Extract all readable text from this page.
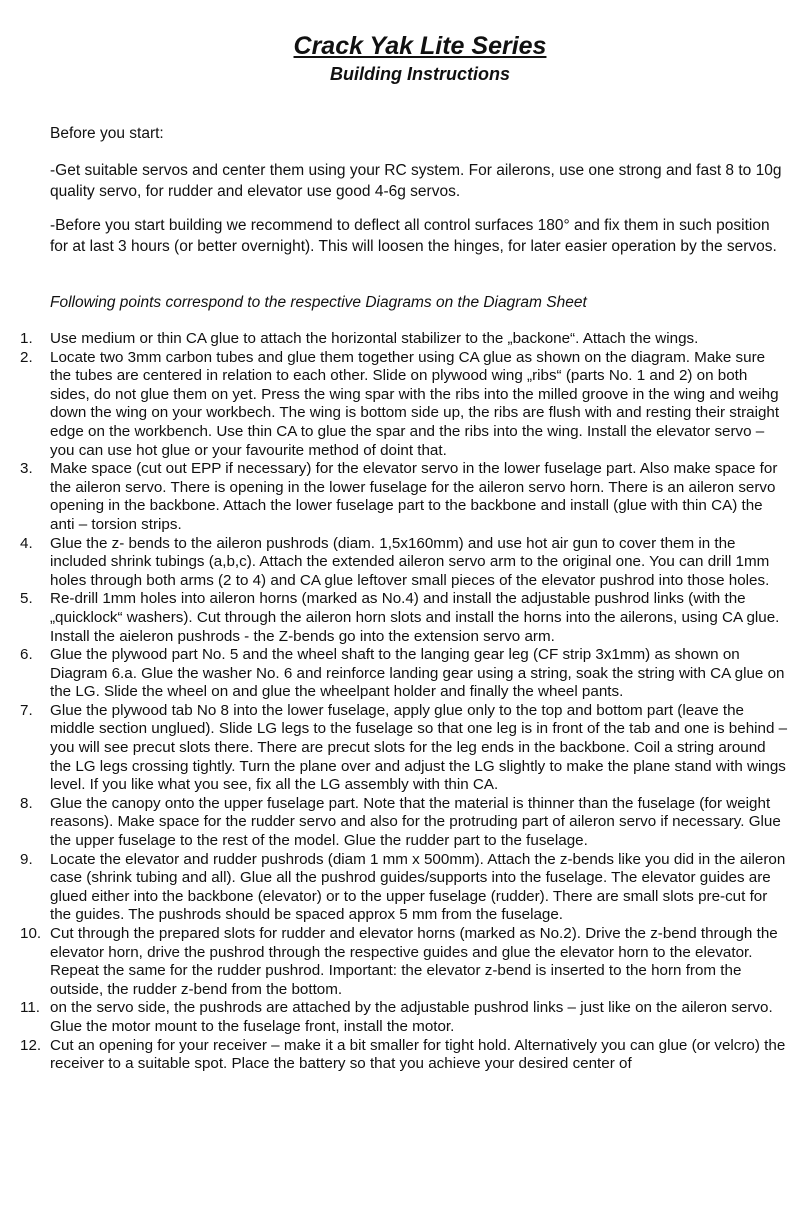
Crack Yak Lite Series
Building Instructions
Before you start:
-Get suitable servos and center them using your RC system. For ailerons, use one strong and fast 8 to 10g quality servo, for rudder and elevator use good 4-6g servos.
-Before you start building we recommend to deflect all control surfaces 180° and fix them in such position for at last 3 hours (or better overnight). This will loosen the hinges, for later easier operation by the servos.
Following points correspond to the respective Diagrams on the Diagram Sheet
1.	Use medium or thin CA glue to attach the horizontal stabilizer to the „backone“. Attach the wings.
2.	Locate two 3mm carbon tubes and glue them together using CA glue as shown on the diagram. Make sure the tubes are centered in relation to each other. Slide on plywood wing „ribs“ (parts No. 1 and 2) on both sides, do not glue them on yet. Press the wing spar with the ribs into the milled groove in the wing and weihg down the wing on your workbech. The wing is bottom side up, the ribs are flush with and resting their straight edge on the workbench. Use thin CA to glue the spar and the ribs into the wing. Install the elevator servo – you can use hot glue or your favourite method of doint that.
3.	Make space (cut out EPP if necessary) for the elevator servo in the lower fuselage part. Also make space for the aileron servo. There is opening in the lower fuselage for the aileron servo horn. There is an aileron servo opening in the backbone. Attach the lower fuselage part to the backbone and install (glue with thin CA) the anti – torsion strips.
4.	Glue the z- bends to the aileron pushrods (diam. 1,5x160mm) and use hot air gun to cover them in the included shrink tubings (a,b,c). Attach the extended aileron servo arm to the original one. You can drill 1mm holes through both arms (2 to 4) and CA glue leftover small pieces of the elevator pushrod into those holes.
5.	Re-drill 1mm holes into aileron horns (marked as No.4) and install the adjustable pushrod links (with the „quicklock“ washers). Cut through the aileron horn slots and install the horns into the ailerons, using CA glue. Install the aieleron pushrods - the Z-bends go into the extension servo arm.
6.	Glue the plywood part No. 5 and the wheel shaft to the langing gear leg (CF strip 3x1mm) as shown on Diagram 6.a. Glue the washer No. 6 and reinforce landing gear using a string, soak the string with CA glue on the LG. Slide the wheel on and glue the wheelpant holder and finally the wheel pants.
7.	Glue the plywood tab No 8 into the lower fuselage, apply glue only to the top and bottom part (leave the middle section unglued). Slide LG legs to the fuselage so that one leg is in front of the tab and one is behind – you will see precut slots there. There are precut slots for the leg ends in the backbone. Coil a string around the LG legs crossing tightly. Turn the plane over and adjust the LG slightly to make the plane stand with wings level. If you like what you see, fix all the LG assembly with thin CA.
8.	Glue the canopy onto the upper fuselage part. Note that the material is thinner than the fuselage (for weight reasons). Make space for the rudder servo and also for the protruding part of aileron servo if necessary. Glue the upper fuselage to the rest of the model. Glue the rudder part to the fuselage.
9.	Locate the elevator and rudder pushrods (diam 1 mm x 500mm). Attach the z-bends like you did in the aileron case (shrink tubing and all). Glue all the pushrod guides/supports into the fuselage. The elevator guides are glued either into the backbone (elevator) or to the upper fuselage (rudder). There are small slots pre-cut for the guides. The pushrods should be spaced approx 5 mm from the fuselage.
10. Cut through the prepared slots for rudder and elevator horns (marked as No.2). Drive the z-bend through the elevator horn, drive the pushrod through the respective guides and glue the elevator horn to the elevator. Repeat the same for the rudder pushrod. Important: the elevator z-bend is inserted to the horn from the outside, the rudder z-bend from the bottom.
11. on the servo side, the pushrods are attached by the adjustable pushrod links – just like on the aileron servo. Glue the motor mount to the fuselage front, install the motor.
12. Cut an opening for your receiver – make it a bit smaller for tight hold. Alternatively you can glue (or velcro) the receiver to a suitable spot. Place the battery so that you achieve your desired center of
